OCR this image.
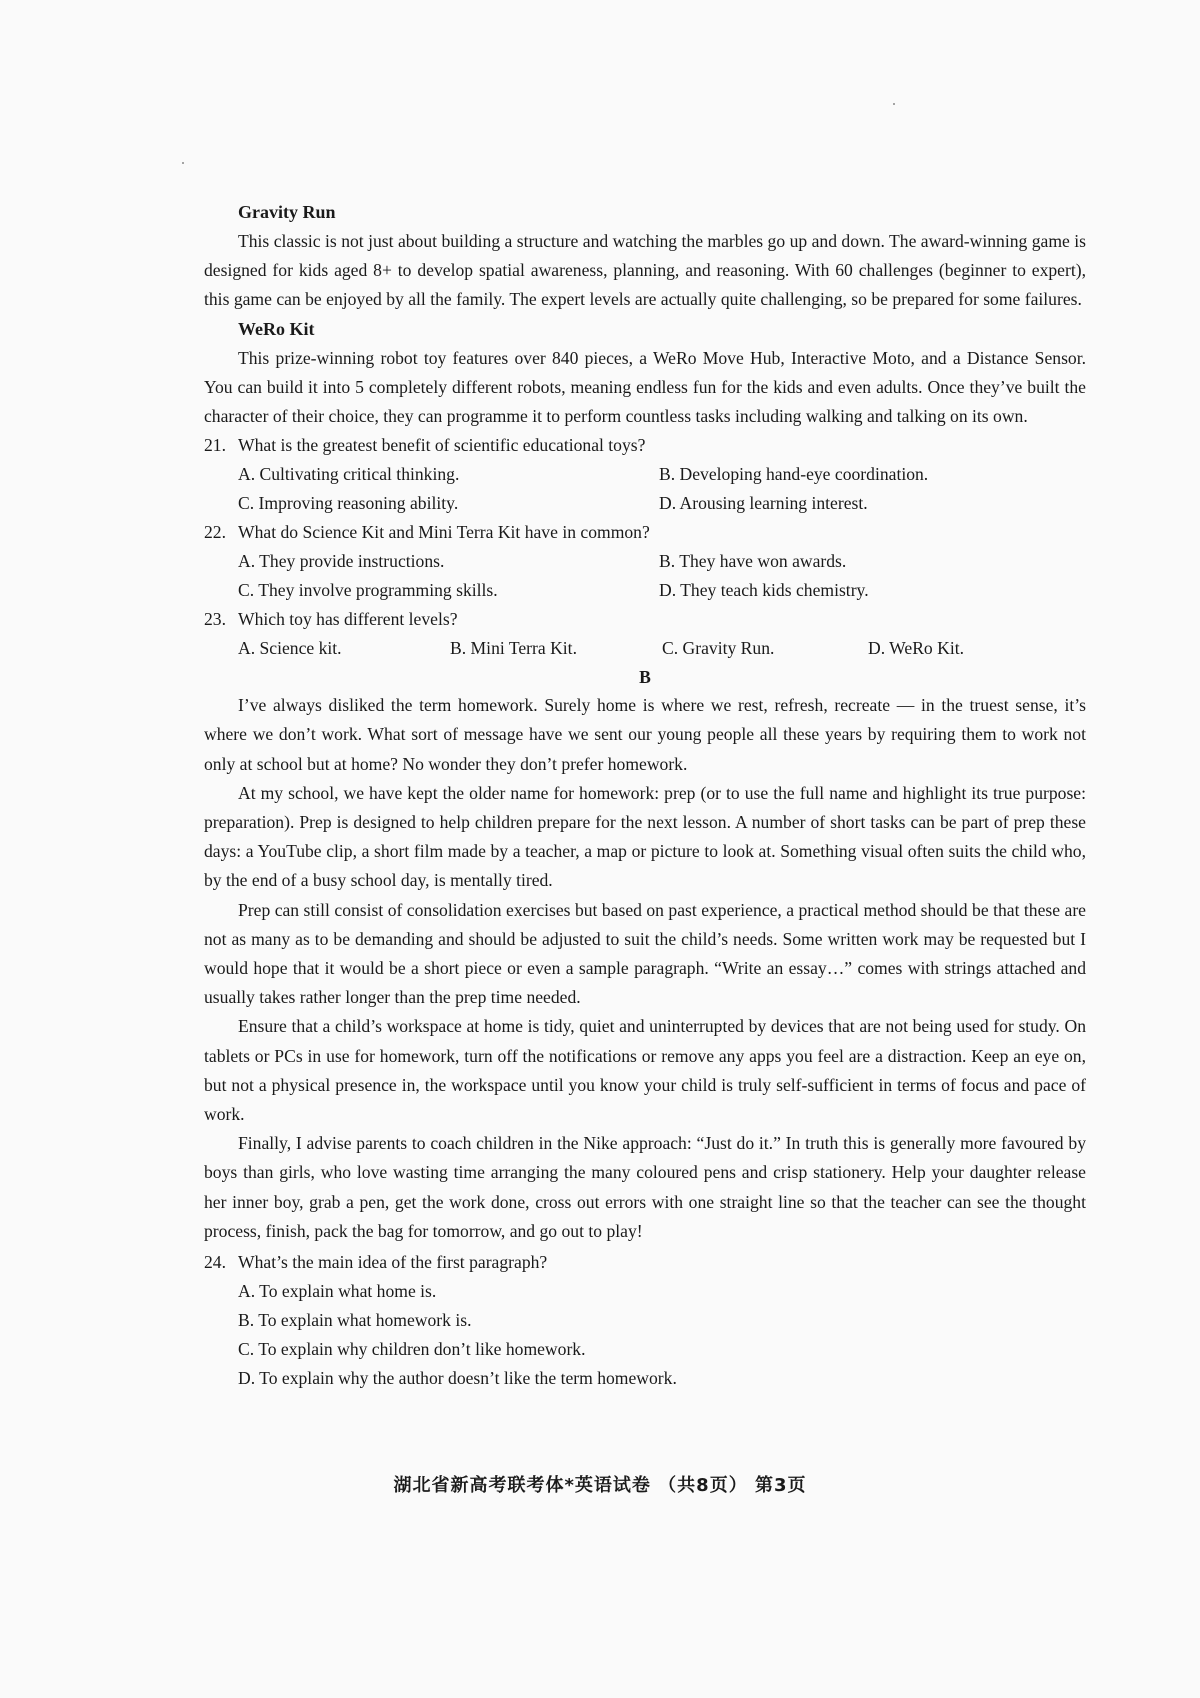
Gravity Run

This classic is not just about building a structure and watching the marbles go up and down. The award-winning game is designed for kids aged 8+ to develop spatial awareness, planning, and reasoning. With 60 challenges (beginner to expert), this game can be enjoyed by all the family. The expert levels are actually quite challenging, so be prepared for some failures.

WeRo Kit

This prize-winning robot toy features over 840 pieces, a WeRo Move Hub, Interactive Moto, and a Distance Sensor. You can build it into 5 completely different robots, meaning endless fun for the kids and even adults. Once they’ve built the character of their choice, they can programme it to perform countless tasks including walking and talking on its own.

21. What is the greatest benefit of scientific educational toys?
A. Cultivating critical thinking.	B. Developing hand-eye coordination.
C. Improving reasoning ability.	D. Arousing learning interest.
22. What do Science Kit and Mini Terra Kit have in common?
A. They provide instructions.	B. They have won awards.
C. They involve programming skills.	D. They teach kids chemistry.
23. Which toy has different levels?
A. Science kit.	B. Mini Terra Kit.	C. Gravity Run.	D. WeRo Kit.

B

I’ve always disliked the term homework. Surely home is where we rest, refresh, recreate — in the truest sense, it’s where we don’t work. What sort of message have we sent our young people all these years by requiring them to work not only at school but at home? No wonder they don’t prefer homework.

At my school, we have kept the older name for homework: prep (or to use the full name and highlight its true purpose: preparation). Prep is designed to help children prepare for the next lesson. A number of short tasks can be part of prep these days: a YouTube clip, a short film made by a teacher, a map or picture to look at. Something visual often suits the child who, by the end of a busy school day, is mentally tired.

Prep can still consist of consolidation exercises but based on past experience, a practical method should be that these are not as many as to be demanding and should be adjusted to suit the child’s needs. Some written work may be requested but I would hope that it would be a short piece or even a sample paragraph. “Write an essay…” comes with strings attached and usually takes rather longer than the prep time needed.

Ensure that a child’s workspace at home is tidy, quiet and uninterrupted by devices that are not being used for study. On tablets or PCs in use for homework, turn off the notifications or remove any apps you feel are a distraction. Keep an eye on, but not a physical presence in, the workspace until you know your child is truly self-sufficient in terms of focus and pace of work.

Finally, I advise parents to coach children in the Nike approach: “Just do it.” In truth this is generally more favoured by boys than girls, who love wasting time arranging the many coloured pens and crisp stationery. Help your daughter release her inner boy, grab a pen, get the work done, cross out errors with one straight line so that the teacher can see the thought process, finish, pack the bag for tomorrow, and go out to play!

24. What’s the main idea of the first paragraph?
A. To explain what home is.
B. To explain what homework is.
C. To explain why children don’t like homework.
D. To explain why the author doesn’t like the term homework.
湖北省新高考联考体*英语试卷 （共8页） 第3页
